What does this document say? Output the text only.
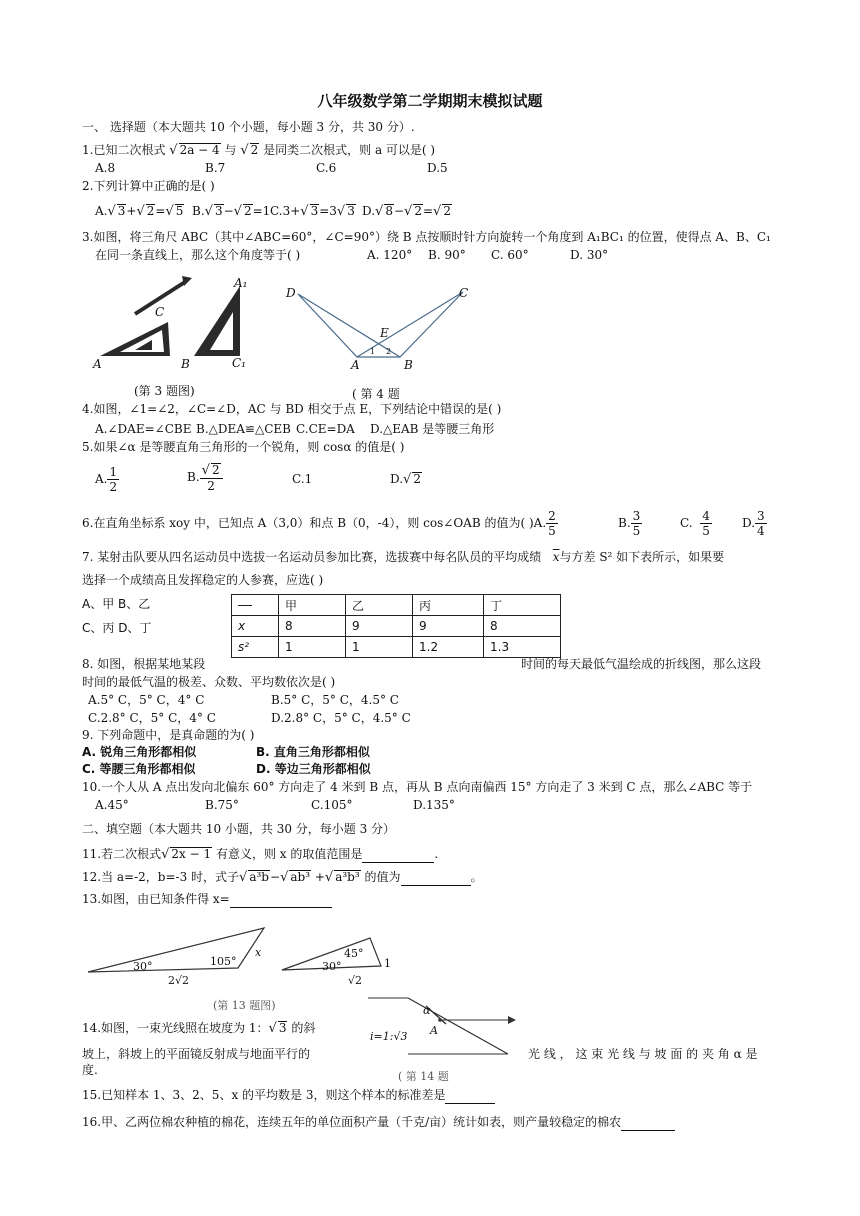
八年级数学第二学期期末模拟试题
一、 选择题（本大题共 10 个小题，每小题 3 分，共 30 分）.
1.已知二次根式 √ 2a − 4 与 √ 2 是同类二次根式，则 a 可以是( )
A.8	B.7	C.6	D.5
2.下列计算中正确的是( )
A.√ 3+√ 2=√ 5 B.√ 3−√ 2=1 C.3+√ 3=3√ 3 D.√ 8−√ 2=√ 2
3.如图，将三角尺 ABC（其中∠ABC=60°，∠C=90°）绕 B 点按顺时针方向旋转一个角度到 A₁BC₁ 的位置，使得点 A、B、C₁
在同一条直线上，那么这个角度等于( )	A. 120° B. 90° C. 60°	D. 30°
A	B
C
A₁
C₁
(第 3 题图)
D	C
E
A	B
1 2
( 第 4 题
4.如图，∠1=∠2，∠C=∠D，AC 与 BD 相交于点 E，下列结论中错误的是( )
A.∠DAE=∠CBE B.△DEA≌△CEB C.CE=DA D.△EAB 是等腰三角形
5.如果∠α 是等腰直角三角形的一个锐角，则 cosα 的值是( )
A. $\frac{1}{2}$	B. $\frac{√ 2}{2}$	C.1	D.√ 2
6.在直角坐标系 xoy 中，已知点 A（3,0）和点 B（0，-4），则 cos∠OAB 的值为( )A. $\frac{2}{5}$	B. $\frac{3}{5}$	C. $\frac{4}{5}$	D. $\frac{3}{4}$
7. 某射击队要从四名运动员中选拔一名运动员参加比赛，选拔赛中每名队员的平均成绩 $\overline{x}$与方差 S² 如下表所示，如果要
选择一个成绩高且发挥稳定的人参赛，应选( )
A、甲 B、乙
C、丙 D、丁
	甲	乙	丙	丁
x	8	9	9	8
s²	1	1	1.2	1.3
8. 如图，根据某地某段	时间的每天最低气温绘成的折线图，那么这段
时间的最低气温的极差、众数、平均数依次是( )
A.5° C，5° C，4° C	B.5° C，5° C，4.5° C
C.2.8° C，5° C，4° C	D.2.8° C，5° C，4.5° C
9. 下列命题中，是真命题的为( )
A. 锐角三角形都相似	B. 直角三角形都相似
C. 等腰三角形都相似	D. 等边三角形都相似
10.一个人从 A 点出发向北偏东 60° 方向走了 4 米到 B 点，再从 B 点向南偏西 15° 方向走了 3 米到 C 点，那么∠ABC 等于
A.45°	B.75°	C.105°	D.135°
二、填空题（本大题共 10 小题，共 30 分，每小题 3 分）
11.若二次根式√ 2x − 1 有意义，则 x 的取值范围是	.
12.当 a=-2，b=-3 时，式子√ a³b−√ ab³ +√ a³b³ 的值为	。
13.如图，由已知条件得 x=
30°	105°
x
2√2
30°
45°
1
√2
(第 13 题图)
14.如图，一束光线照在坡度为 1：√ 3 的斜
坡上，斜坡上的平面镜反射成与地面平行的	光 线 ， 这 束 光 线 与 坡 面 的 夹 角 α 是
度.
α
A
i=1:√3
( 第 14 题
15.已知样本 1、3、2、5、x 的平均数是 3，则这个样本的标准差是
16.甲、乙两位棉农种植的棉花，连续五年的单位面积产量（千克/亩）统计如表，则产量较稳定的棉农
